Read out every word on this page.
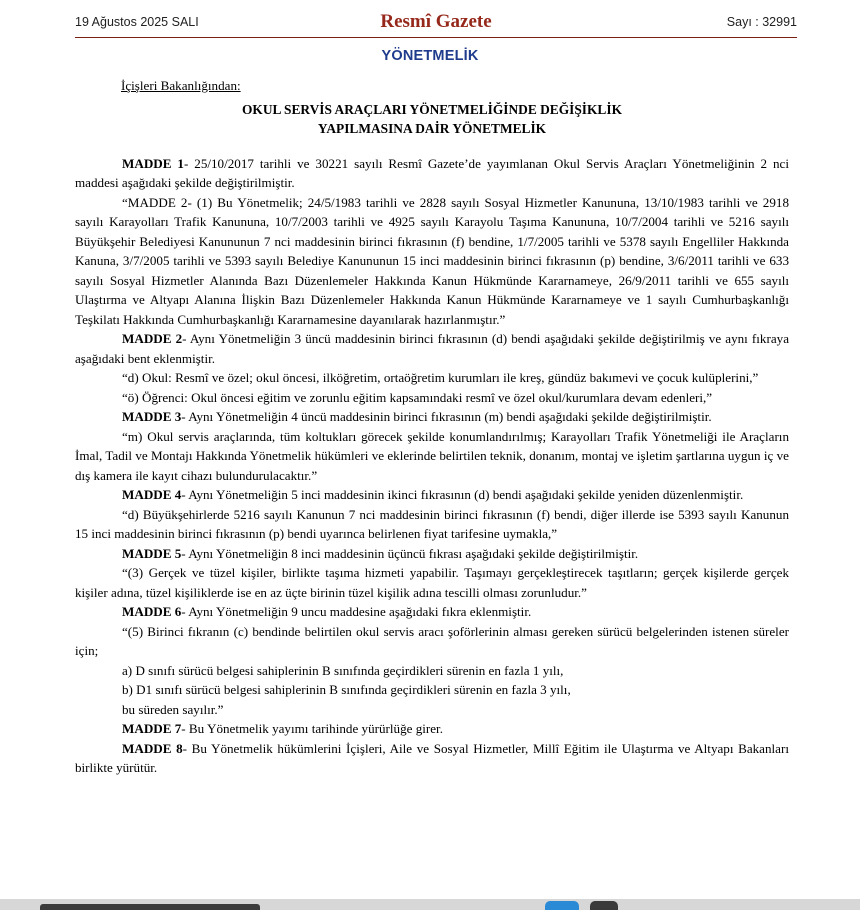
19 Ağustos 2025 SALI	Resmî Gazete	Sayı : 32991
YÖNETMELİK
İçişleri Bakanlığından:
OKUL SERVİS ARAÇLARI YÖNETMELİĞİNDE DEĞİŞİKLİK
YAPILMASINA DAİR YÖNETMELİK

MADDE 1- 25/10/2017 tarihli ve 30221 sayılı Resmî Gazete’de yayımlanan Okul Servis Araçları Yönetmeliğinin 2 nci maddesi aşağıdaki şekilde değiştirilmiştir.

“MADDE 2- (1) Bu Yönetmelik; 24/5/1983 tarihli ve 2828 sayılı Sosyal Hizmetler Kanununa, 13/10/1983 tarihli ve 2918 sayılı Karayolları Trafik Kanununa, 10/7/2003 tarihli ve 4925 sayılı Karayolu Taşıma Kanununa, 10/7/2004 tarihli ve 5216 sayılı Büyükşehir Belediyesi Kanununun 7 nci maddesinin birinci fıkrasının (f) bendine, 1/7/2005 tarihli ve 5378 sayılı Engelliler Hakkında Kanuna, 3/7/2005 tarihli ve 5393 sayılı Belediye Kanununun 15 inci maddesinin birinci fıkrasının (p) bendine, 3/6/2011 tarihli ve 633 sayılı Sosyal Hizmetler Alanında Bazı Düzenlemeler Hakkında Kanun Hükmünde Kararnameye, 26/9/2011 tarihli ve 655 sayılı Ulaştırma ve Altyapı Alanına İlişkin Bazı Düzenlemeler Hakkında Kanun Hükmünde Kararnameye ve 1 sayılı Cumhurbaşkanlığı Teşkilatı Hakkında Cumhurbaşkanlığı Kararnamesine dayanılarak hazırlanmıştır.”

MADDE 2- Aynı Yönetmeliğin 3 üncü maddesinin birinci fıkrasının (d) bendi aşağıdaki şekilde değiştirilmiş ve aynı fıkraya aşağıdaki bent eklenmiştir.

“d) Okul: Resmî ve özel; okul öncesi, ilköğretim, ortaöğretim kurumları ile kreş, gündüz bakımevi ve çocuk kulüplerini,”

“ö) Öğrenci: Okul öncesi eğitim ve zorunlu eğitim kapsamındaki resmî ve özel okul/kurumlara devam edenleri,”

MADDE 3- Aynı Yönetmeliğin 4 üncü maddesinin birinci fıkrasının (m) bendi aşağıdaki şekilde değiştirilmiştir.

“m) Okul servis araçlarında, tüm koltukları görecek şekilde konumlandırılmış; Karayolları Trafik Yönetmeliği ile Araçların İmal, Tadil ve Montajı Hakkında Yönetmelik hükümleri ve eklerinde belirtilen teknik, donanım, montaj ve işletim şartlarına uygun iç ve dış kamera ile kayıt cihazı bulundurulacaktır.”

MADDE 4- Aynı Yönetmeliğin 5 inci maddesinin ikinci fıkrasının (d) bendi aşağıdaki şekilde yeniden düzenlenmiştir.

“d) Büyükşehirlerde 5216 sayılı Kanunun 7 nci maddesinin birinci fıkrasının (f) bendi, diğer illerde ise 5393 sayılı Kanunun 15 inci maddesinin birinci fıkrasının (p) bendi uyarınca belirlenen fiyat tarifesine uymakla,”

MADDE 5- Aynı Yönetmeliğin 8 inci maddesinin üçüncü fıkrası aşağıdaki şekilde değiştirilmiştir.

“(3) Gerçek ve tüzel kişiler, birlikte taşıma hizmeti yapabilir. Taşımayı gerçekleştirecek taşıtların; gerçek kişilerde gerçek kişiler adına, tüzel kişiliklerde ise en az üçte birinin tüzel kişilik adına tescilli olması zorunludur.”

MADDE 6- Aynı Yönetmeliğin 9 uncu maddesine aşağıdaki fıkra eklenmiştir.

“(5) Birinci fıkranın (c) bendinde belirtilen okul servis aracı şoförlerinin alması gereken sürücü belgelerinden istenen süreler için;

a) D sınıfı sürücü belgesi sahiplerinin B sınıfında geçirdikleri sürenin en fazla 1 yılı,

b) D1 sınıfı sürücü belgesi sahiplerinin B sınıfında geçirdikleri sürenin en fazla 3 yılı,

bu süreden sayılır.”

MADDE 7- Bu Yönetmelik yayımı tarihinde yürürlüğe girer.

MADDE 8- Bu Yönetmelik hükümlerini İçişleri, Aile ve Sosyal Hizmetler, Millî Eğitim ile Ulaştırma ve Altyapı Bakanları birlikte yürütür.
